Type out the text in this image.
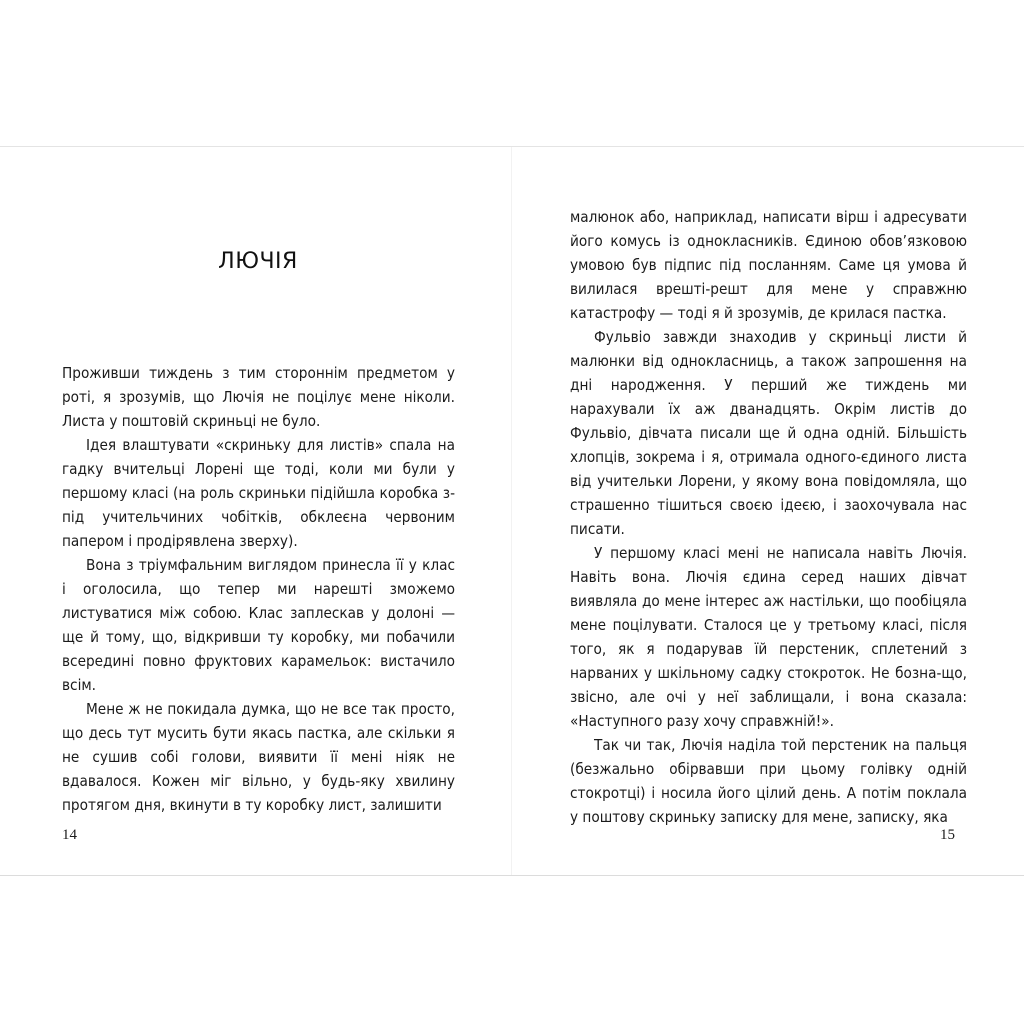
ЛЮЧІЯ

Проживши тиждень з тим стороннім предметом у роті, я зрозумів, що Лючія не поцілує мене ніколи. Листа у поштовій скриньці не було.

Ідея влаштувати «скриньку для листів» спала на гадку вчительці Лорені ще тоді, коли ми були у першому класі (на роль скриньки підійшла коробка з-під учительчиних чобітків, обклеєна червоним папером і продірявлена зверху).

Вона з тріумфальним виглядом принесла її у клас і оголосила, що тепер ми нарешті зможемо листуватися між собою. Клас заплескав у долоні — ще й тому, що, відкривши ту коробку, ми побачили всередині повно фруктових карамельок: вистачило всім.

Мене ж не покидала думка, що не все так просто, що десь тут мусить бути якась пастка, але скільки я не сушив собі голови, виявити її мені ніяк не вдавалося. Кожен міг вільно, у будь-яку хвилину протягом дня, вкинути в ту коробку лист, залишити

14

малюнок або, наприклад, написати вірш і адресувати його комусь із однокласників. Єдиною обов’язковою умовою був підпис під посланням. Саме ця умова й вилилася врешті-решт для мене у справжню катастрофу — тоді я й зрозумів, де крилася пастка.

Фульвіо завжди знаходив у скриньці листи й малюнки від однокласниць, а також запрошення на дні народження. У перший же тиждень ми нарахували їх аж дванадцять. Окрім листів до Фульвіо, дівчата писали ще й одна одній. Більшість хлопців, зокрема і я, отримала одного-єдиного листа від учительки Лорени, у якому вона повідомляла, що страшенно тішиться своєю ідеєю, і заохочувала нас писати.

У першому класі мені не написала навіть Лючія. Навіть вона. Лючія єдина серед наших дівчат виявляла до мене інтерес аж настільки, що пообіцяла мене поцілувати. Сталося це у третьому класі, після того, як я подарував їй перстеник, сплетений з нарваних у шкільному садку стокроток. Не бозна-що, звісно, але очі у неї заблищали, і вона сказала: «Наступного разу хочу справжній!».

Так чи так, Лючія наділа той перстеник на пальця (безжально обірвавши при цьому голівку одній стокротці) і носила його цілий день. А потім поклала у поштову скриньку записку для мене, записку, яка

15
